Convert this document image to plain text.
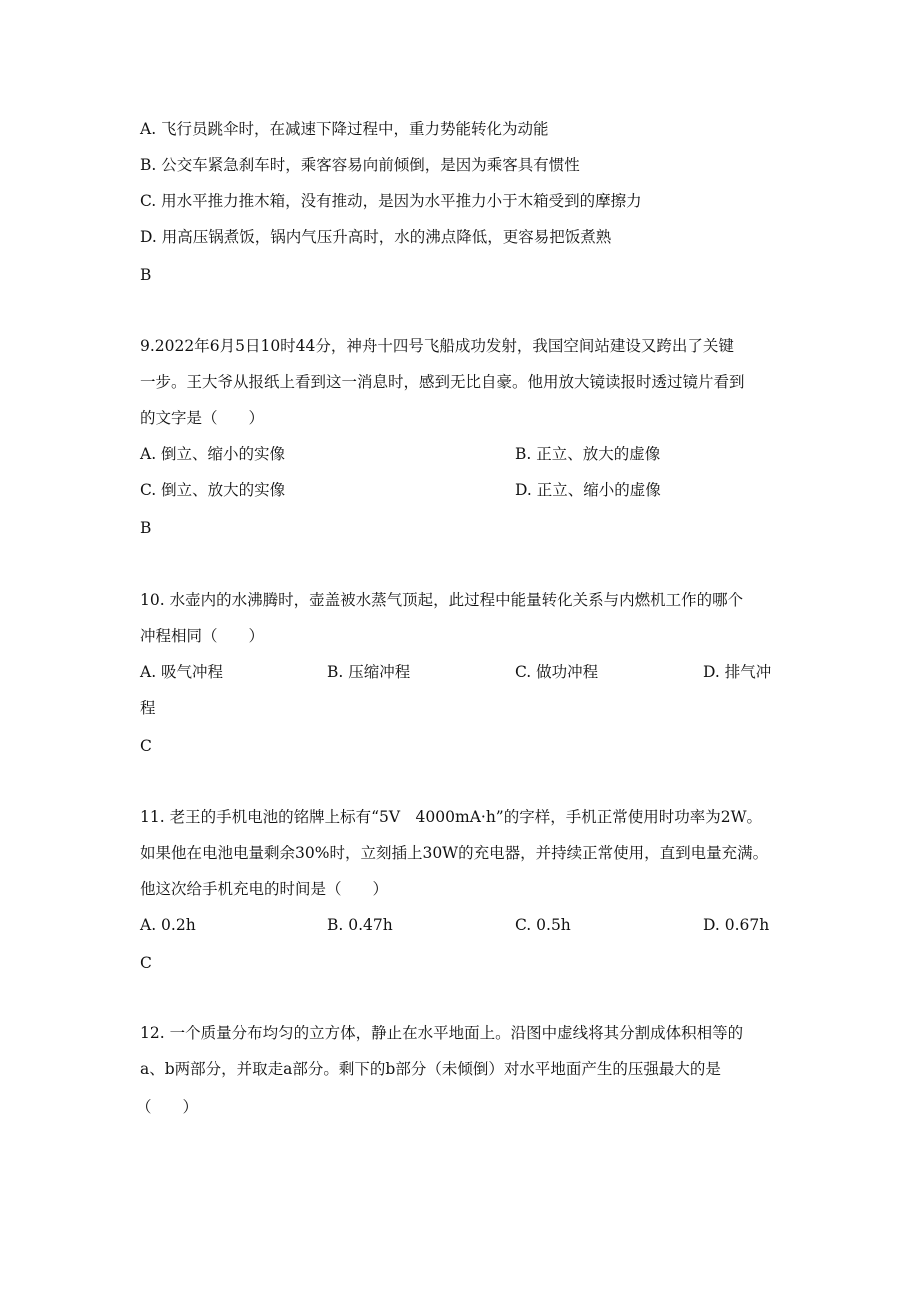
A. 飞行员跳伞时，在减速下降过程中，重力势能转化为动能
B. 公交车紧急刹车时，乘客容易向前倾倒，是因为乘客具有惯性
C. 用水平推力推木箱，没有推动，是因为水平推力小于木箱受到的摩擦力
D. 用高压锅煮饭，锅内气压升高时，水的沸点降低，更容易把饭煮熟
B
9.2022年6月5日10时44分，神舟十四号飞船成功发射，我国空间站建设又跨出了关键
一步。王大爷从报纸上看到这一消息时，感到无比自豪。他用放大镜读报时透过镜片看到
的文字是（　　）
A. 倒立、缩小的实像	B. 正立、放大的虚像
C. 倒立、放大的实像	D. 正立、缩小的虚像
B
10. 水壶内的水沸腾时，壶盖被水蒸气顶起，此过程中能量转化关系与内燃机工作的哪个
冲程相同（　　）
A. 吸气冲程	B. 压缩冲程	C. 做功冲程	D. 排气冲
程
C
11. 老王的手机电池的铭牌上标有“5V　4000mA·h”的字样，手机正常使用时功率为2W。
如果他在电池电量剩余30%时，立刻插上30W的充电器，并持续正常使用，直到电量充满。
他这次给手机充电的时间是（　　）
A. 0.2h	B. 0.47h	C. 0.5h	D. 0.67h
C
12. 一个质量分布均匀的立方体，静止在水平地面上。沿图中虚线将其分割成体积相等的
a、b两部分，并取走a部分。剩下的b部分（未倾倒）对水平地面产生的压强最大的是
（　　）
